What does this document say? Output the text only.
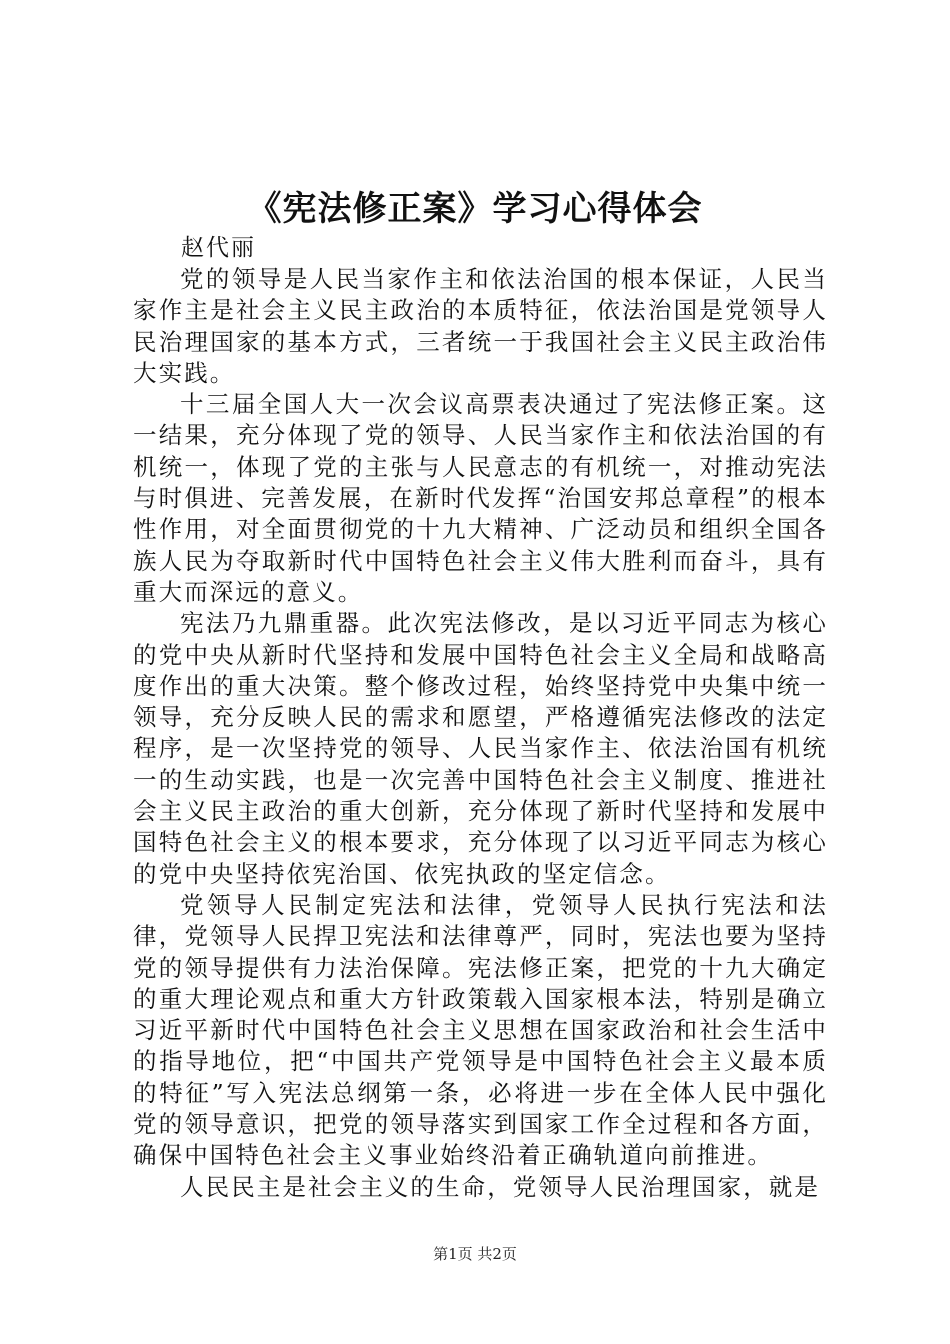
《宪法修正案》学习心得体会
赵代丽

党的领导是人民当家作主和依法治国的根本保证，人民当家作主是社会主义民主政治的本质特征，依法治国是党领导人民治理国家的基本方式，三者统一于我国社会主义民主政治伟大实践。

十三届全国人大一次会议高票表决通过了宪法修正案。这一结果，充分体现了党的领导、人民当家作主和依法治国的有机统一，体现了党的主张与人民意志的有机统一，对推动宪法与时俱进、完善发展，在新时代发挥“治国安邦总章程”的根本性作用，对全面贯彻党的十九大精神、广泛动员和组织全国各族人民为夺取新时代中国特色社会主义伟大胜利而奋斗，具有重大而深远的意义。

宪法乃九鼎重器。此次宪法修改，是以习近平同志为核心的党中央从新时代坚持和发展中国特色社会主义全局和战略高度作出的重大决策。整个修改过程，始终坚持党中央集中统一领导，充分反映人民的需求和愿望，严格遵循宪法修改的法定程序，是一次坚持党的领导、人民当家作主、依法治国有机统一的生动实践，也是一次完善中国特色社会主义制度、推进社会主义民主政治的重大创新，充分体现了新时代坚持和发展中国特色社会主义的根本要求，充分体现了以习近平同志为核心的党中央坚持依宪治国、依宪执政的坚定信念。

党领导人民制定宪法和法律，党领导人民执行宪法和法律，党领导人民捍卫宪法和法律尊严，同时，宪法也要为坚持党的领导提供有力法治保障。宪法修正案，把党的十九大确定的重大理论观点和重大方针政策载入国家根本法，特别是确立习近平新时代中国特色社会主义思想在国家政治和社会生活中的指导地位，把“中国共产党领导是中国特色社会主义最本质的特征”写入宪法总纲第一条，必将进一步在全体人民中强化党的领导意识，把党的领导落实到国家工作全过程和各方面，确保中国特色社会主义事业始终沿着正确轨道向前推进。

人民民主是社会主义的生命，党领导人民治理国家，就是

第1页 共2页
